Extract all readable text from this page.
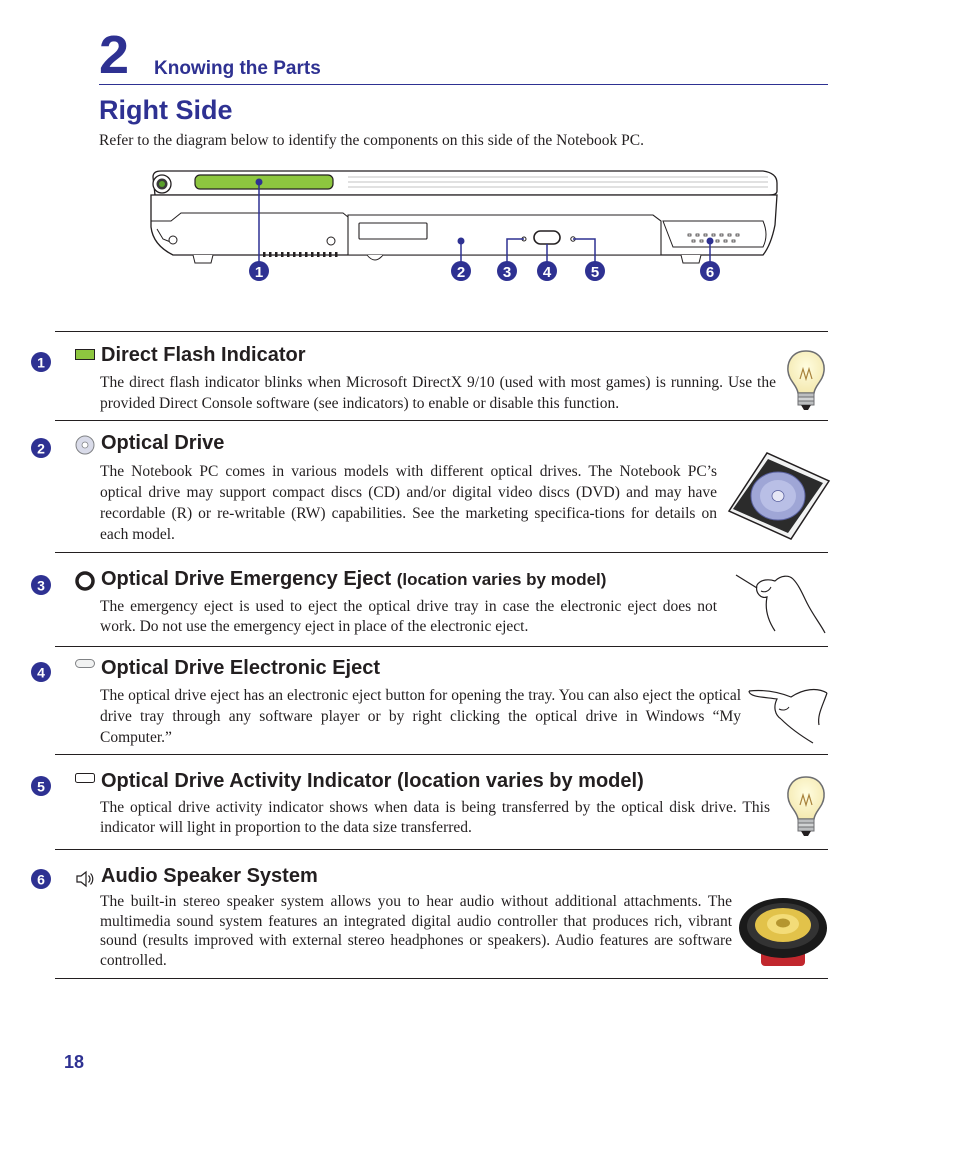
2 Knowing the Parts
Right Side
Refer to the diagram below to identify the components on this side of the Notebook PC.
1	2	3 4	5	6
1	Direct Flash Indicator
The direct flash indicator blinks when Microsoft DirectX 9/10 (used with most games) is running. Use the provided Direct Console software (see indicators) to enable or disable this function.
2	Optical Drive
The Notebook PC comes in various models with different optical drives. The Notebook PC’s optical drive may support compact discs (CD) and/or digital video discs (DVD) and may have recordable (R) or re-writable (RW) capabilities. See the marketing specifica-tions for details on each model.
3	Optical Drive Emergency Eject (location varies by model)
The emergency eject is used to eject the optical drive tray in case the electronic eject does not work. Do not use the emergency eject in place of the electronic eject.
4	Optical Drive Electronic Eject
The optical drive eject has an electronic eject button for opening the tray. You can also eject the optical drive tray through any software player or by right clicking the optical drive in Windows “My Computer.”
5	Optical Drive Activity Indicator (location varies by model)
The optical drive activity indicator shows when data is being transferred by the optical disk drive. This indicator will light in proportion to the data size transferred.
6	Audio Speaker System
The built-in stereo speaker system allows you to hear audio without additional attachments. The multimedia sound system features an integrated digital audio controller that produces rich, vibrant sound (results improved with external stereo headphones or speakers). Audio features are software controlled.
18
